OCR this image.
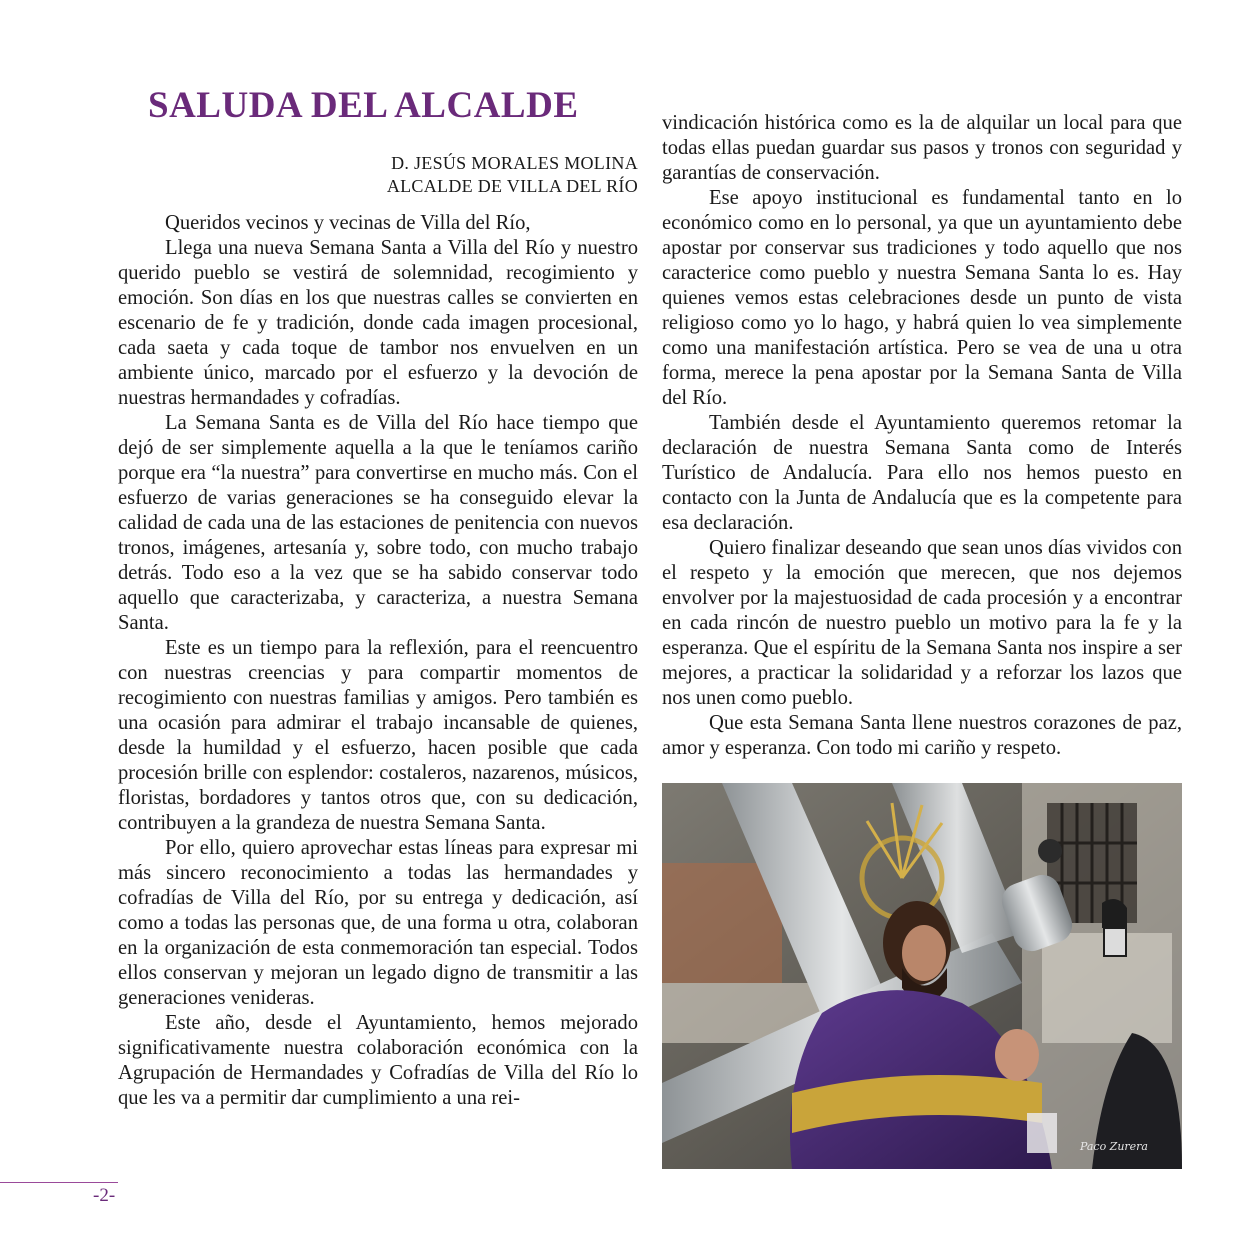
SALUDA DEL ALCALDE
D. JESÚS MORALES MOLINA
ALCALDE DE VILLA DEL RÍO

Queridos vecinos y vecinas de Villa del Río,

Llega una nueva Semana Santa a Villa del Río y nuestro querido pueblo se vestirá de solemnidad, recogimiento y emoción. Son días en los que nuestras calles se convierten en escenario de fe y tradición, donde cada imagen procesional, cada saeta y cada toque de tambor nos envuelven en un ambiente único, marcado por el esfuerzo y la devoción de nuestras hermandades y cofradías.

La Semana Santa es de Villa del Río hace tiempo que dejó de ser simplemente aquella a la que le teníamos cariño porque era “la nuestra” para convertirse en mucho más. Con el esfuerzo de varias generaciones se ha conseguido elevar la calidad de cada una de las estaciones de penitencia con nuevos tronos, imágenes, artesanía y, sobre todo, con mucho trabajo detrás. Todo eso a la vez que se ha sabido conservar todo aquello que caracterizaba, y caracteriza, a nuestra Semana Santa.

Este es un tiempo para la reflexión, para el reencuentro con nuestras creencias y para compartir momentos de recogimiento con nuestras familias y amigos. Pero también es una ocasión para admirar el trabajo incansable de quienes, desde la humildad y el esfuerzo, hacen posible que cada procesión brille con esplendor: costaleros, nazarenos, músicos, floristas, bordadores y tantos otros que, con su dedicación, contribuyen a la grandeza de nuestra Semana Santa.

Por ello, quiero aprovechar estas líneas para expresar mi más sincero reconocimiento a todas las hermandades y cofradías de Villa del Río, por su entrega y dedicación, así como a todas las personas que, de una forma u otra, colaboran en la organización de esta conmemoración tan especial. Todos ellos conservan y mejoran un legado digno de transmitir a las generaciones venideras.

Este año, desde el Ayuntamiento, hemos mejorado significativamente nuestra colaboración económica con la Agrupación de Hermandades y Cofradías de Villa del Río lo que les va a permitir dar cumplimiento a una rei-

vindicación histórica como es la de alquilar un local para que todas ellas puedan guardar sus pasos y tronos con seguridad y garantías de conservación.

Ese apoyo institucional es fundamental tanto en lo económico como en lo personal, ya que un ayuntamiento debe apostar por conservar sus tradiciones y todo aquello que nos caracterice como pueblo y nuestra Semana Santa lo es. Hay quienes vemos estas celebraciones desde un punto de vista religioso como yo lo hago, y habrá quien lo vea simplemente como una manifestación artística. Pero se vea de una u otra forma, merece la pena apostar por la Semana Santa de Villa del Río.

También desde el Ayuntamiento queremos retomar la declaración de nuestra Semana Santa como de Interés Turístico de Andalucía. Para ello nos hemos puesto en contacto con la Junta de Andalucía que es la competente para esa declaración.

Quiero finalizar deseando que sean unos días vividos con el respeto y la emoción que merecen, que nos dejemos envolver por la majestuosidad de cada procesión y a encontrar en cada rincón de nuestro pueblo un motivo para la fe y la esperanza. Que el espíritu de la Semana Santa nos inspire a ser mejores, a practicar la solidaridad y a reforzar los lazos que nos unen como pueblo.

Que esta Semana Santa llene nuestros corazones de paz, amor y esperanza. Con todo mi cariño y respeto.

Paco Zurera
-2-
